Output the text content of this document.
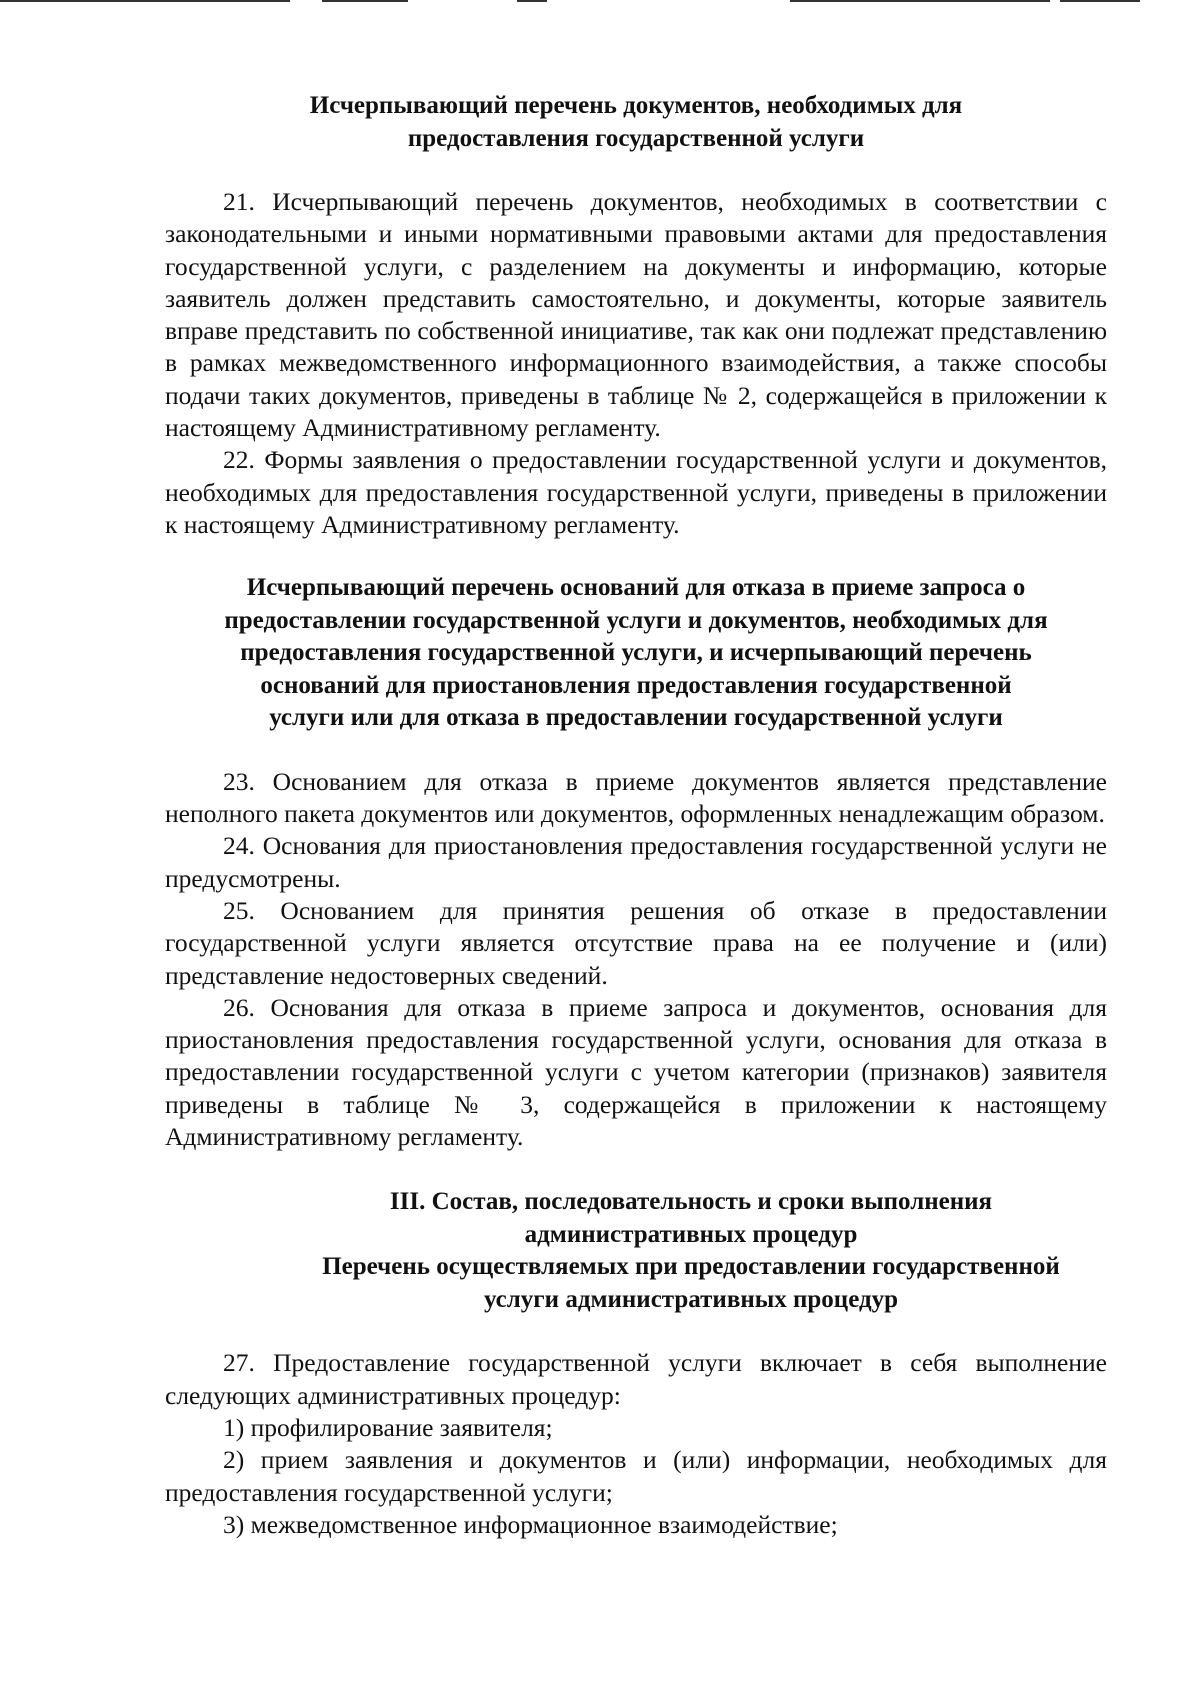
Исчерпывающий перечень документов, необходимых для
предоставления государственной услуги

21. Исчерпывающий перечень документов, необходимых в соответствии с законодательными и иными нормативными правовыми актами для предоставления государственной услуги, с разделением на документы и информацию, которые заявитель должен представить самостоятельно, и документы, которые заявитель вправе представить по собственной инициативе, так как они подлежат представлению в рамках межведомственного информационного взаимодействия, а также способы подачи таких документов, приведены в таблице № 2, содержащейся в приложении к настоящему Административному регламенту.

22. Формы заявления о предоставлении государственной услуги и документов, необходимых для предоставления государственной услуги, приведены в приложении к настоящему Административному регламенту.

Исчерпывающий перечень оснований для отказа в приеме запроса о
предоставлении государственной услуги и документов, необходимых для
предоставления государственной услуги, и исчерпывающий перечень
оснований для приостановления предоставления государственной
услуги или для отказа в предоставлении государственной услуги

23. Основанием для отказа в приеме документов является представление неполного пакета документов или документов, оформленных ненадлежащим образом.

24. Основания для приостановления предоставления государственной услуги не предусмотрены.

25. Основанием для принятия решения об отказе в предоставлении государственной услуги является отсутствие права на ее получение и (или) представление недостоверных сведений.

26. Основания для отказа в приеме запроса и документов, основания для приостановления предоставления государственной услуги, основания для отказа в предоставлении государственной услуги с учетом категории (признаков) заявителя приведены в таблице № 3, содержащейся в приложении к настоящему Административному регламенту.

III. Состав, последовательность и сроки выполнения
административных процедур
Перечень осуществляемых при предоставлении государственной
услуги административных процедур

27. Предоставление государственной услуги включает в себя выполнение следующих административных процедур:

1) профилирование заявителя;

2) прием заявления и документов и (или) информации, необходимых для предоставления государственной услуги;

3) межведомственное информационное взаимодействие;
